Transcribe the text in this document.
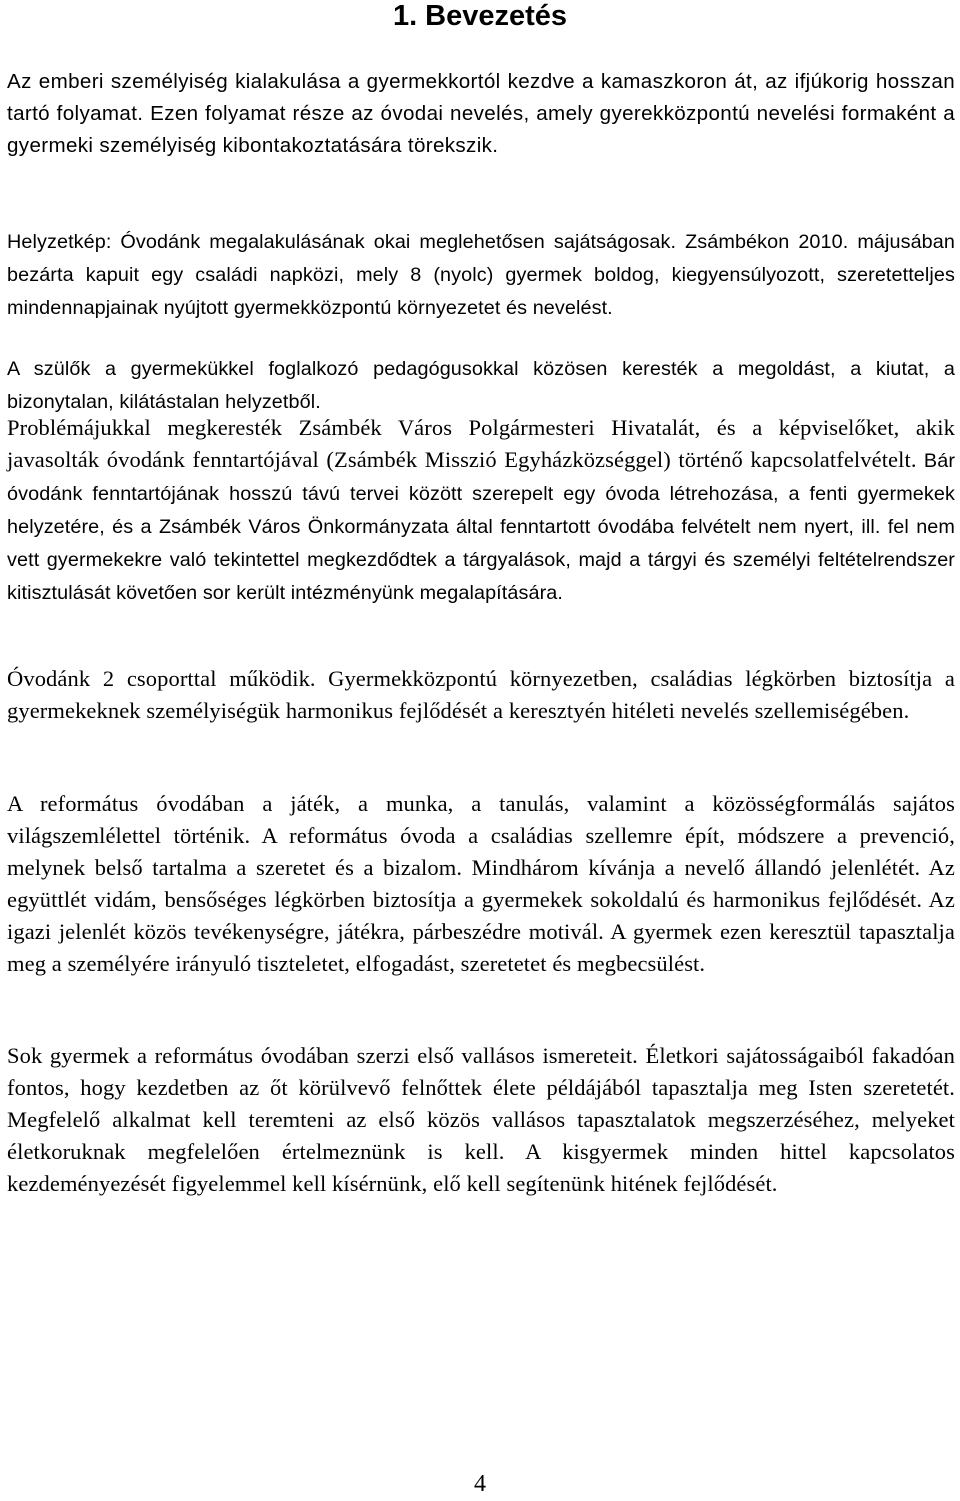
1. Bevezetés

Az emberi személyiség kialakulása a gyermekkortól kezdve a kamaszkoron át, az ifjúkorig hosszan tartó folyamat. Ezen folyamat része az óvodai nevelés, amely gyerekközpontú nevelési formaként a gyermeki személyiség kibontakoztatására törekszik.

Helyzetkép: Óvodánk megalakulásának okai meglehetősen sajátságosak. Zsámbékon 2010. májusában bezárta kapuit egy családi napközi, mely 8 (nyolc) gyermek boldog, kiegyensúlyozott, szeretetteljes mindennapjainak nyújtott gyermekközpontú környezetet és nevelést.

A szülők a gyermekükkel foglalkozó pedagógusokkal közösen keresték a megoldást, a kiutat, a bizonytalan, kilátástalan helyzetből.

Problémájukkal megkeresték Zsámbék Város Polgármesteri Hivatalát, és a képviselőket, akik javasolták óvodánk fenntartójával (Zsámbék Misszió Egyházközséggel) történő kapcsolatfelvételt. Bár óvodánk fenntartójának hosszú távú tervei között szerepelt egy óvoda létrehozása, a fenti gyermekek helyzetére, és a Zsámbék Város Önkormányzata által fenntartott óvodába felvételt nem nyert, ill. fel nem vett gyermekekre való tekintettel megkezdődtek a tárgyalások, majd a tárgyi és személyi feltételrendszer kitisztulását követően sor került intézményünk megalapítására.

Óvodánk 2 csoporttal működik. Gyermekközpontú környezetben, családias légkörben biztosítja a gyermekeknek személyiségük harmonikus fejlődését a keresztyén hitéleti nevelés szellemiségében.

A református óvodában a játék, a munka, a tanulás, valamint a közösségformálás sajátos világszemlélettel történik. A református óvoda a családias szellemre épít, módszere a prevenció, melynek belső tartalma a szeretet és a bizalom. Mindhárom kívánja a nevelő állandó jelenlétét. Az együttlét vidám, bensőséges légkörben biztosítja a gyermekek sokoldalú és harmonikus fejlődését. Az igazi jelenlét közös tevékenységre, játékra, párbeszédre motivál. A gyermek ezen keresztül tapasztalja meg a személyére irányuló tiszteletet, elfogadást, szeretetet és megbecsülést.

Sok gyermek a református óvodában szerzi első vallásos ismereteit. Életkori sajátosságaiból fakadóan fontos, hogy kezdetben az őt körülvevő felnőttek élete példájából tapasztalja meg Isten szeretetét. Megfelelő alkalmat kell teremteni az első közös vallásos tapasztalatok megszerzéséhez, melyeket életkoruknak megfelelően értelmeznünk is kell. A kisgyermek minden hittel kapcsolatos kezdeményezését figyelemmel kell kísérnünk, elő kell segítenünk hitének fejlődését.

4
